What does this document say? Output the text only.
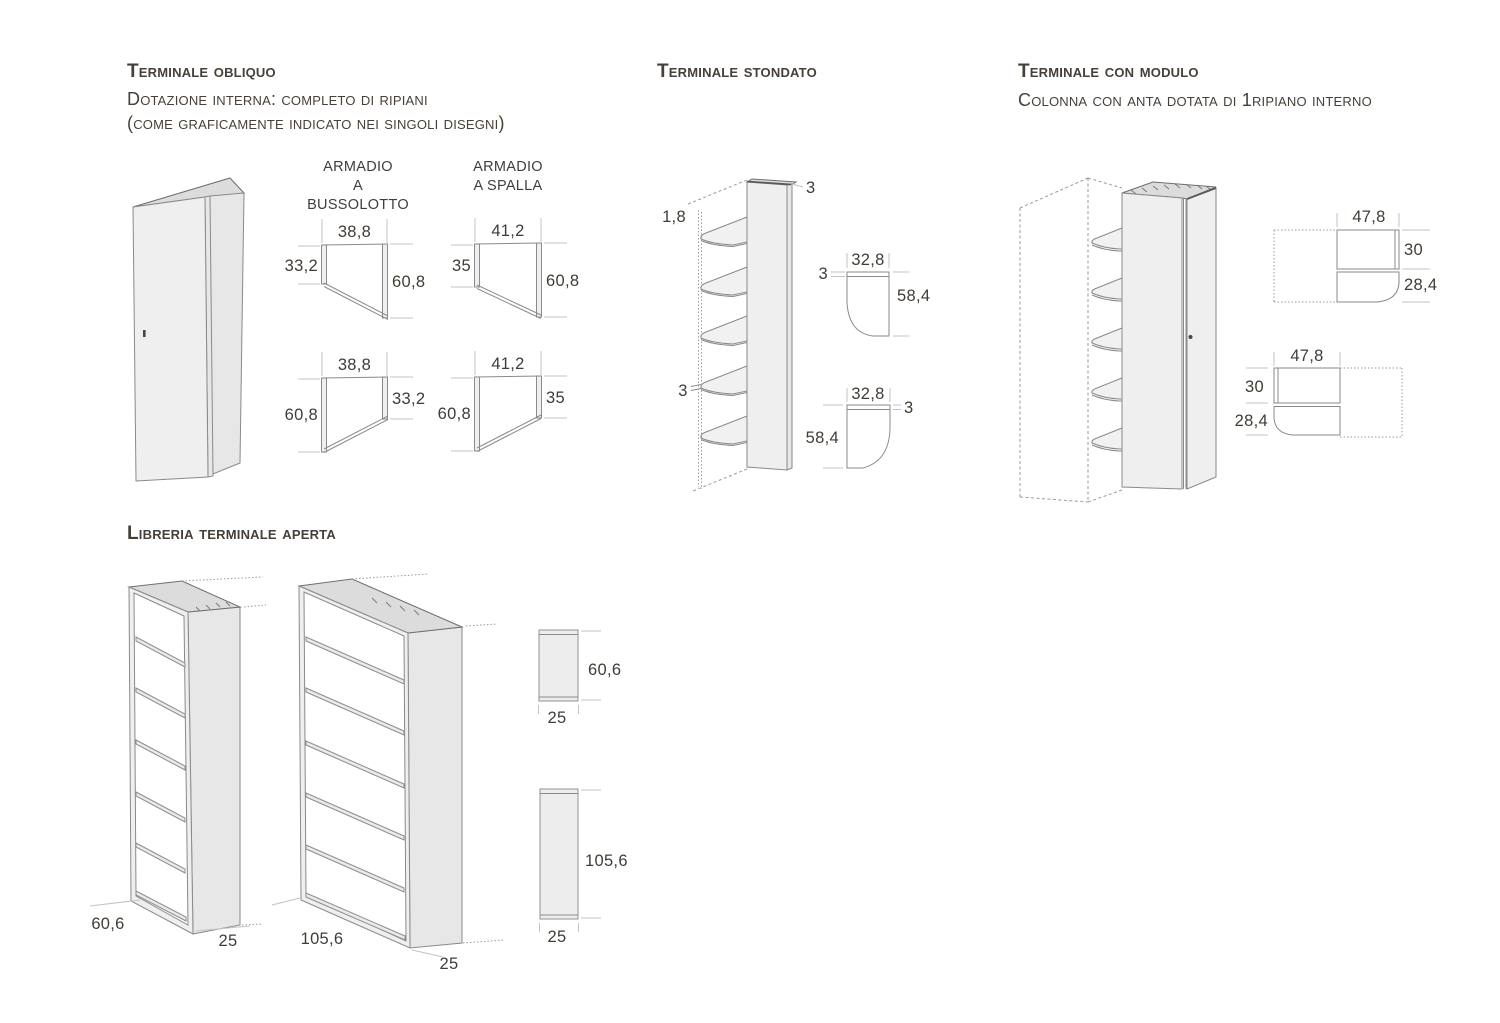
Terminale obliquo
Dotazione interna: completo di ripiani
(come graficamente indicato nei singoli disegni)
Terminale stondato	Terminale con modulo
Colonna con anta dotata di 1ripiano interno
Libreria terminale aperta
ARMADIO
A BUSSOLOTTO
ARMADIO
A SPALLA
38,8
33,2
60,8
41,2
35
60,8
38,8
60,8
33,2
41,2
60,8
35
1,8
3
3
32,8
3
58,4
32,8
3
58,4
47,8
30
28,4
47,8
30
28,4
60,6
25	105,6
25
60,6
25
105,6
25
